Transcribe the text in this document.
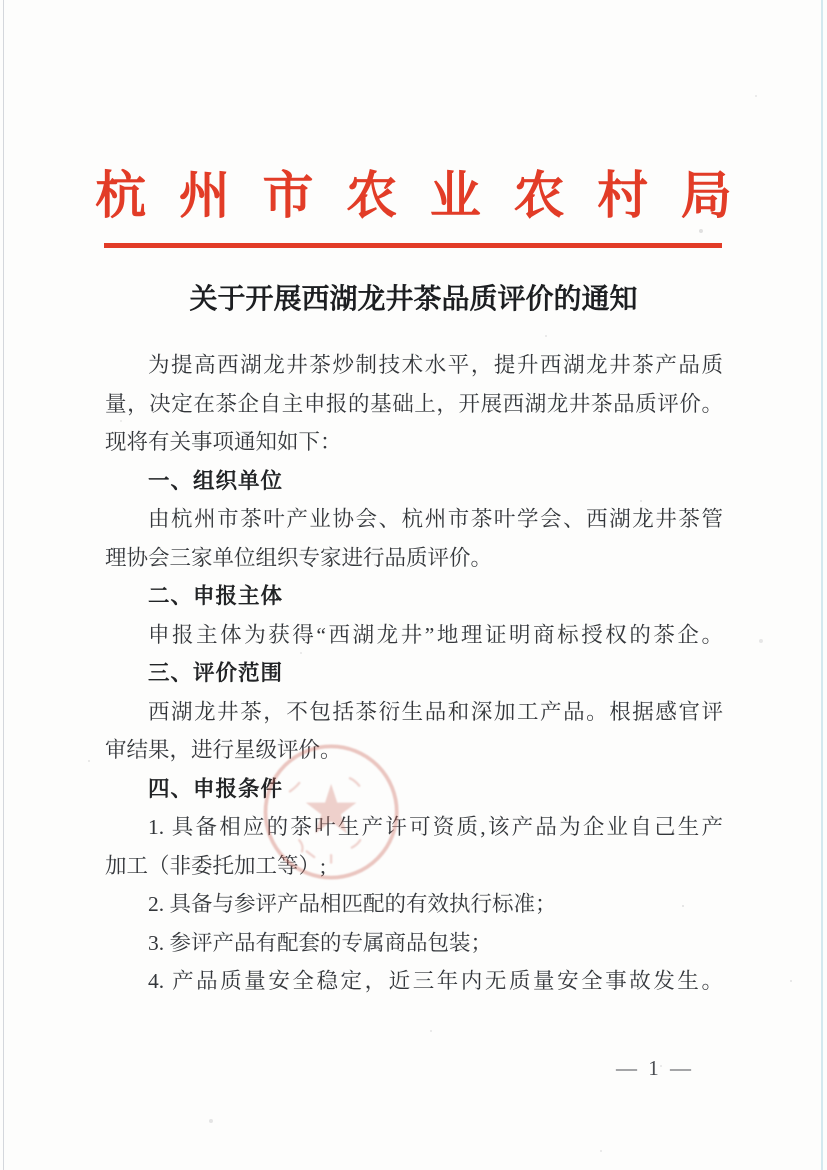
杭州市农业农村局
关于开展西湖龙井茶品质评价的通知
为提高西湖龙井茶炒制技术水平，提升西湖龙井茶产品质
量，决定在茶企自主申报的基础上，开展西湖龙井茶品质评价。
现将有关事项通知如下：
一、组织单位
由杭州市茶叶产业协会、杭州市茶叶学会、西湖龙井茶管
理协会三家单位组织专家进行品质评价。
二、申报主体
申报主体为获得“西湖龙井”地理证明商标授权的茶企。
三、评价范围
西湖龙井茶，不包括茶衍生品和深加工产品。根据感官评
审结果，进行星级评价。
四、申报条件
1. 具备相应的茶叶生产许可资质,该产品为企业自己生产
加工（非委托加工等）;
2. 具备与参评产品相匹配的有效执行标准；
3. 参评产品有配套的专属商品包装；
4. 产品质量安全稳定，近三年内无质量安全事故发生。
— 1 —
